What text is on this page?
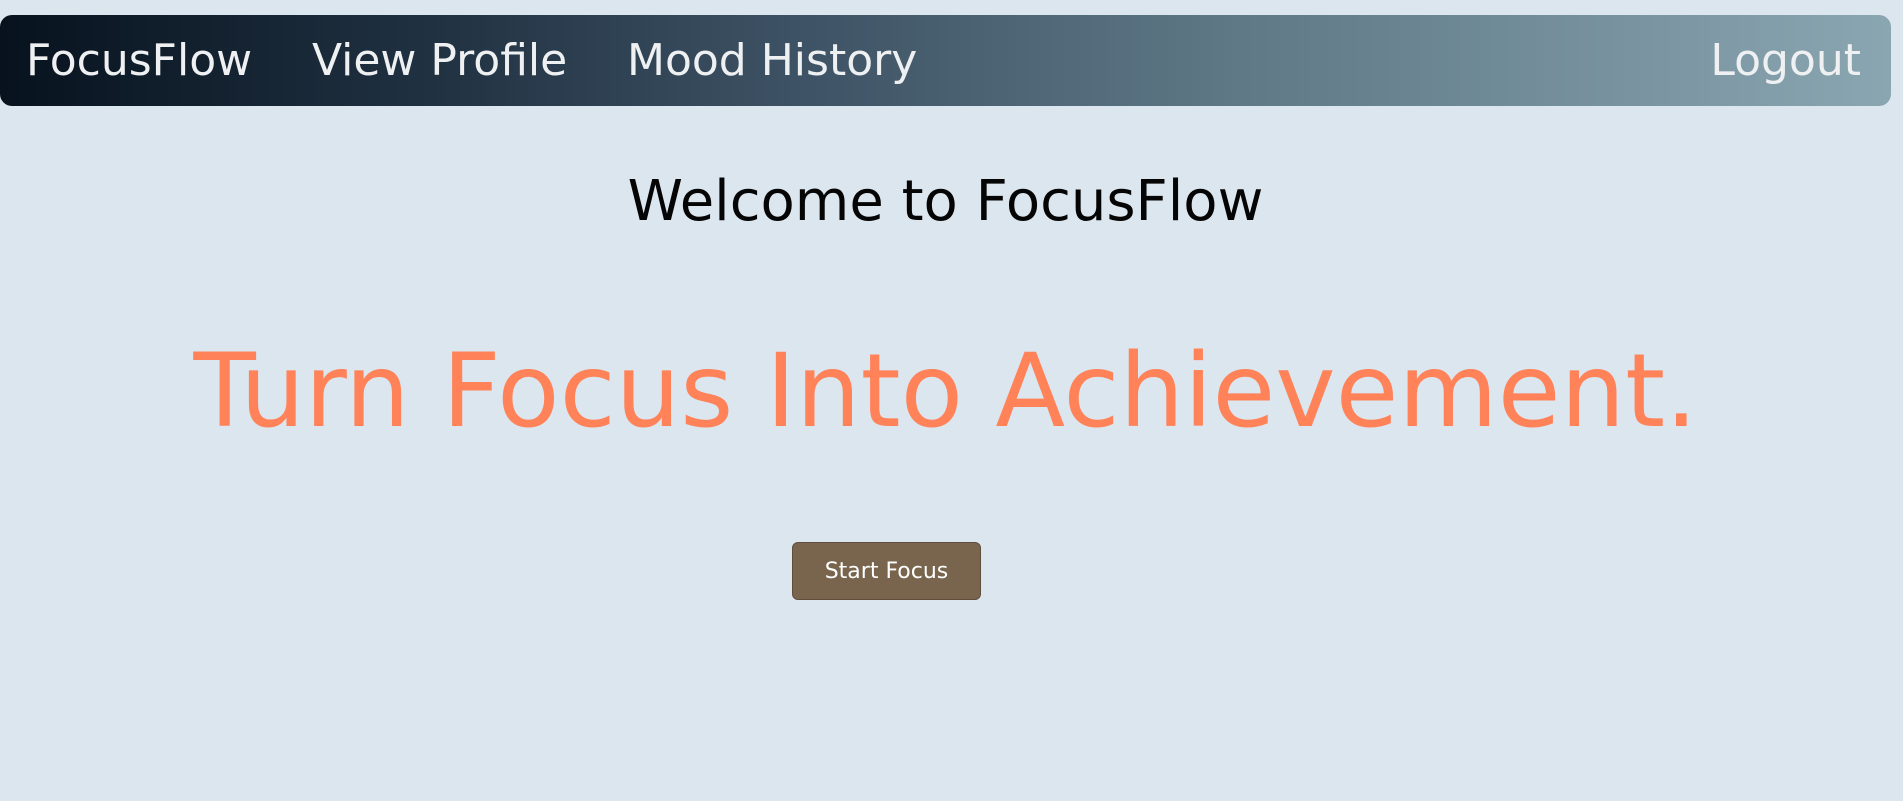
FocusFlow View Profile Mood History	Logout
Welcome to FocusFlow
Turn Focus Into Achievement.
Start Focus
